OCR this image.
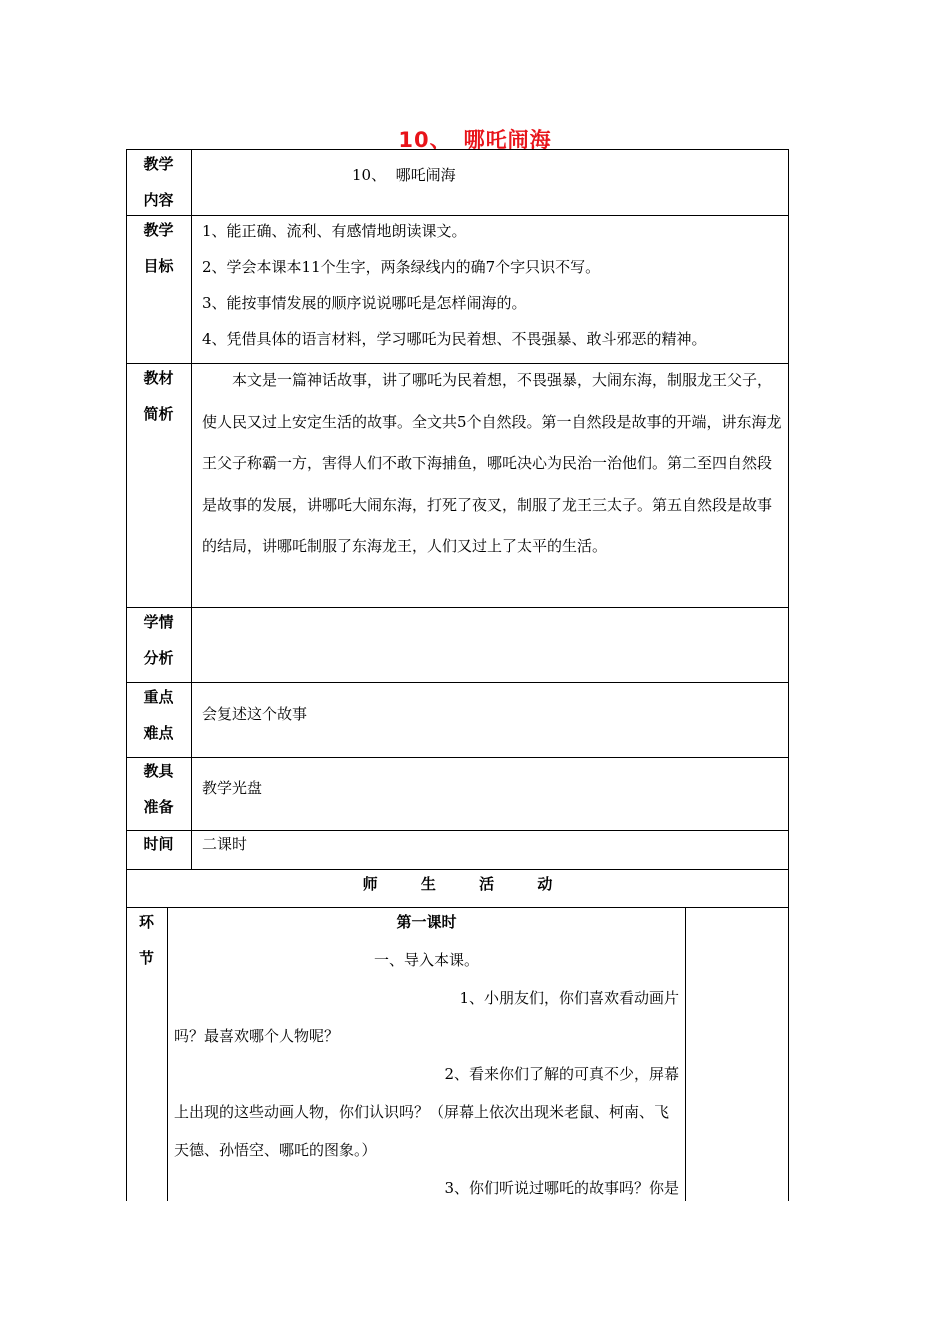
10、 哪吒闹海
教学
内容
10、 哪吒闹海
教学
目标
1、能正确、流利、有感情地朗读课文。
2、学会本课本11个生字，两条绿线内的确7个字只识不写。
3、能按事情发展的顺序说说哪吒是怎样闹海的。
4、凭借具体的语言材料，学习哪吒为民着想、不畏强暴、敢斗邪恶的精神。
教材
简析
本文是一篇神话故事，讲了哪吒为民着想，不畏强暴，大闹东海，制服龙王父子，使人民又过上安定生活的故事。全文共5个自然段。第一自然段是故事的开端，讲东海龙王父子称霸一方，害得人们不敢下海捕鱼，哪吒决心为民治一治他们。第二至四自然段是故事的发展，讲哪吒大闹东海，打死了夜叉，制服了龙王三太子。第五自然段是故事的结局，讲哪吒制服了东海龙王，人们又过上了太平的生活。
学情
分析
重点
难点
会复述这个故事
教具
准备
教学光盘
时间	二课时
师 生 活 动
环
节
第一课时
一、导入本课。
1、小朋友们，你们喜欢看动画片
吗？最喜欢哪个人物呢？
2、看来你们了解的可真不少，屏幕
上出现的这些动画人物，你们认识吗？（屏幕上依次出现米老鼠、柯南、飞天德、孙悟空、哪吒的图象。）
3、你们听说过哪吒的故事吗？你是
